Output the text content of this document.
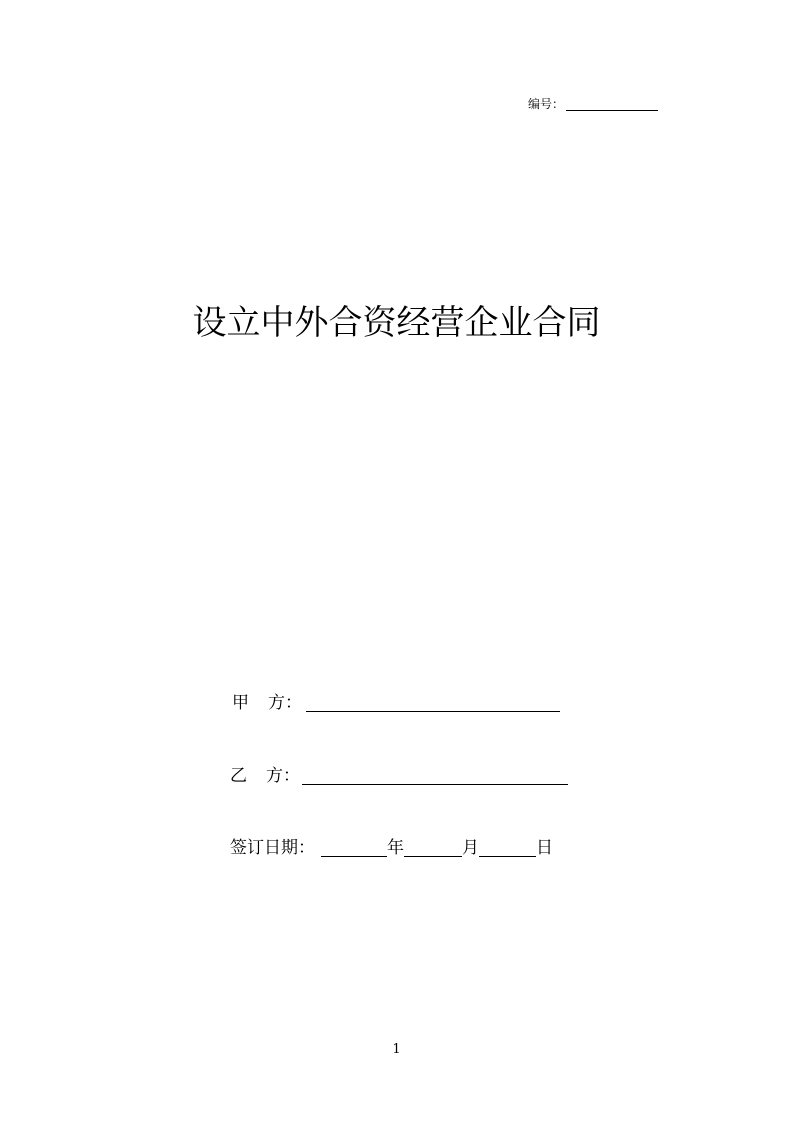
编号：
设立中外合资经营企业合同
甲 方：
乙 方：
签订日期：	年	月	日
1
